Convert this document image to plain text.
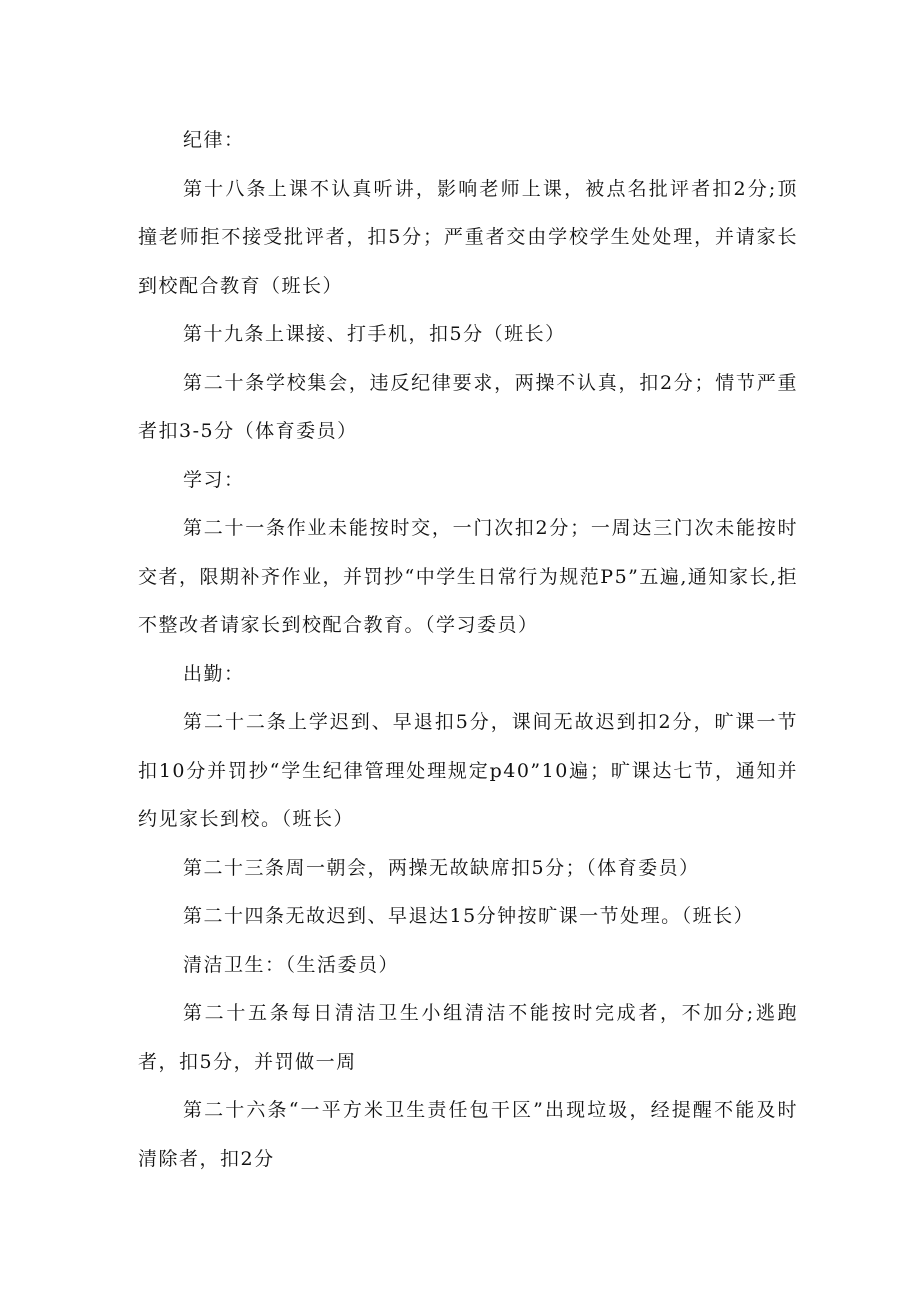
纪律：

第十八条上课不认真听讲，影响老师上课，被点名批评者扣2分;顶撞老师拒不接受批评者，扣5分；严重者交由学校学生处处理，并请家长到校配合教育（班长）

第十九条上课接、打手机，扣5分（班长）

第二十条学校集会，违反纪律要求，两操不认真，扣2分；情节严重者扣3-5分（体育委员）

学习：

第二十一条作业未能按时交，一门次扣2分；一周达三门次未能按时交者，限期补齐作业，并罚抄“中学生日常行为规范P5”五遍,通知家长,拒不整改者请家长到校配合教育。（学习委员）

出勤：

第二十二条上学迟到、早退扣5分，课间无故迟到扣2分，旷课一节扣10分并罚抄“学生纪律管理处理规定p40”10遍；旷课达七节，通知并约见家长到校。（班长）

第二十三条周一朝会，两操无故缺席扣5分；（体育委员）

第二十四条无故迟到、早退达15分钟按旷课一节处理。（班长）

清洁卫生：（生活委员）

第二十五条每日清洁卫生小组清洁不能按时完成者，不加分;逃跑者，扣5分，并罚做一周

第二十六条“一平方米卫生责任包干区”出现垃圾，经提醒不能及时清除者，扣2分
